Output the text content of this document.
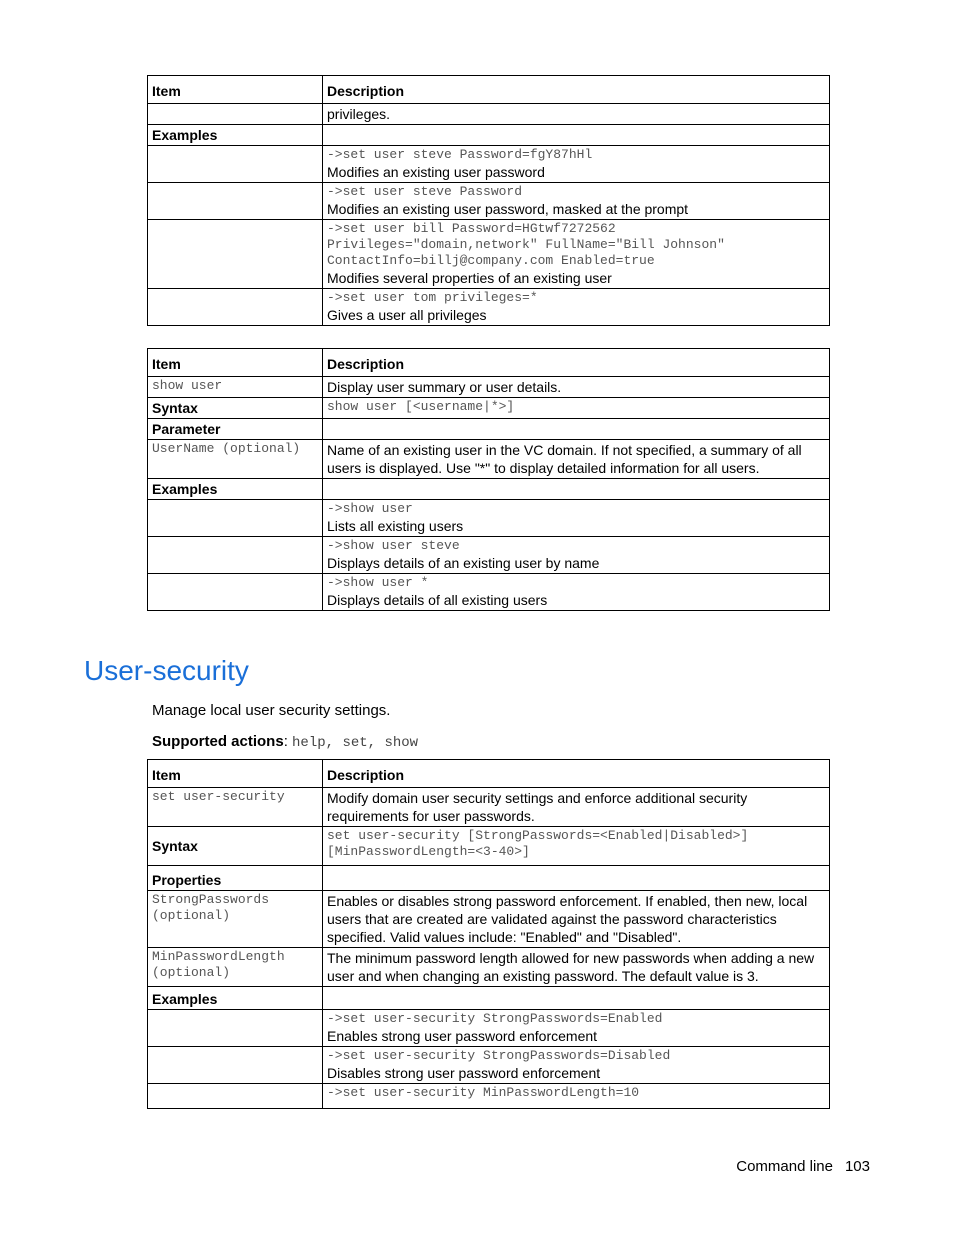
Item	Description
	privileges.
Examples	

	->set user steve Password=fgY87hHl
Modifies an existing user password

	->set user steve Password
Modifies an existing user password, masked at the prompt

	->set user bill Password=HGtwf7272562
Privileges="domain,network" FullName="Bill Johnson"
ContactInfo=billj@company.com Enabled=true
Modifies several properties of an existing user

	->set user tom privileges=*
Gives a user all privileges
Item	Description

show user	Display user summary or user details.
Syntax	show user [<username|*>]

Parameter	

UserName (optional)	Name of an existing user in the VC domain. If not specified, a summary of all users is displayed. Use "*" to display detailed information for all users.
Examples	

	->show user
Lists all existing users

	->show user steve
Displays details of an existing user by name

	->show user *
Displays details of all existing users
User-security
Manage local user security settings.
Supported actions: help, set, show
Item	Description

set user-security	Modify domain user security settings and enforce additional security requirements for user passwords.
Syntax	set user-security [StrongPasswords=<Enabled|Disabled>]
[MinPasswordLength=<3-40>]

Properties	

StrongPasswords
(optional)	Enables or disables strong password enforcement. If enabled, then new, local users that are created are validated against the password characteristics specified. Valid values include: "Enabled" and "Disabled".

MinPasswordLength
(optional)	The minimum password length allowed for new passwords when adding a new user and when changing an existing password. The default value is 3.
Examples	

	->set user-security StrongPasswords=Enabled
Enables strong user password enforcement

	->set user-security StrongPasswords=Disabled
Disables strong user password enforcement

	->set user-security MinPasswordLength=10
Command line 103
